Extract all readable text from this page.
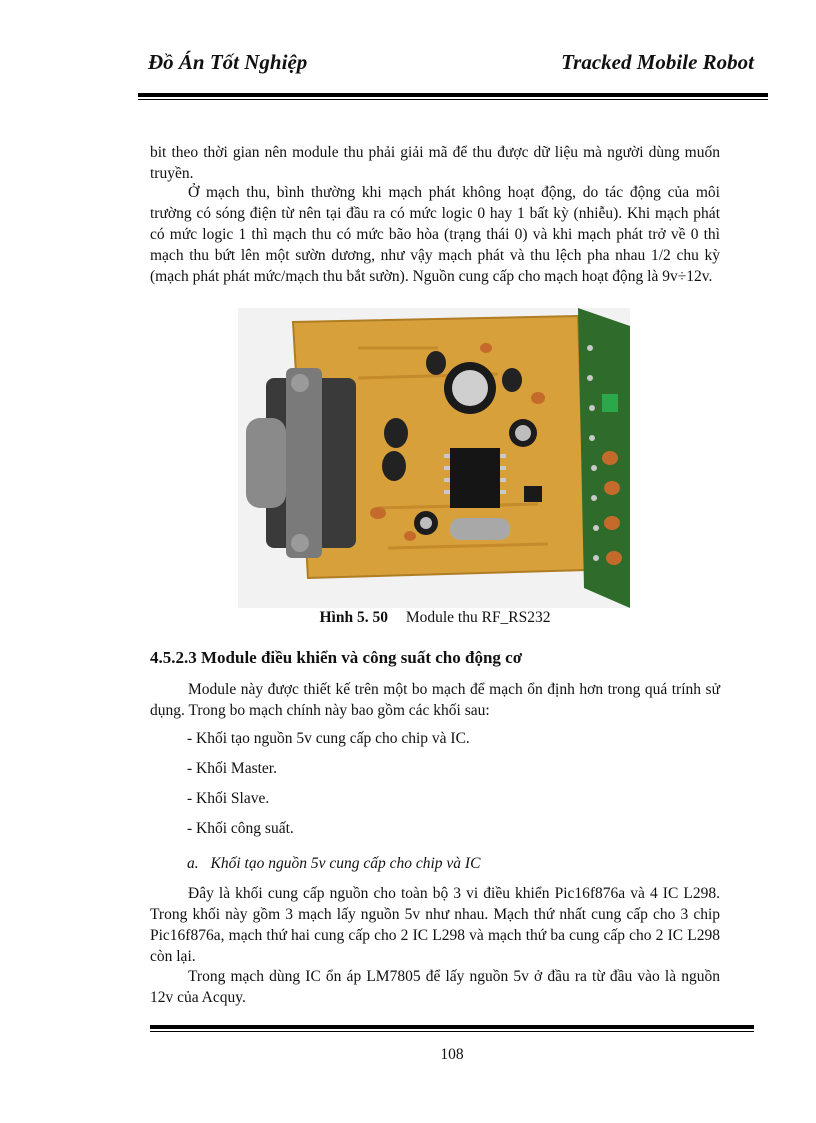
Đồ Án Tốt Nghiệp	Tracked Mobile Robot
bit theo thời gian nên module thu phải giải mã để thu được dữ liệu mà người dùng muốn truyền.
Ở mạch thu, bình thường khi mạch phát không hoạt động, do tác động của môi trường có sóng điện từ nên tại đầu ra có mức logic 0 hay 1 bất kỳ (nhiễu). Khi mạch phát có mức logic 1 thì mạch thu có mức bão hòa (trạng thái 0) và khi mạch phát trở về 0 thì mạch thu bứt lên một sườn dương, như vậy mạch phát và thu lệch pha nhau 1/2 chu kỳ (mạch phát phát mức/mạch thu bắt sườn). Nguồn cung cấp cho mạch hoạt động là 9v÷12v.
Hình 5. 50 Module thu RF_RS232
4.5.2.3 Module điều khiển và công suất cho động cơ
Module này được thiết kế trên một bo mạch để mạch ổn định hơn trong quá trính sử dụng. Trong bo mạch chính này bao gồm các khối sau:
- Khối tạo nguồn 5v cung cấp cho chip và IC.
- Khối Master.
- Khối Slave.
- Khối công suất.
a. Khối tạo nguồn 5v cung cấp cho chip và IC
Đây là khối cung cấp nguồn cho toàn bộ 3 vi điều khiển Pic16f876a và 4 IC L298. Trong khối này gồm 3 mạch lấy nguồn 5v như nhau. Mạch thứ nhất cung cấp cho 3 chip Pic16f876a, mạch thứ hai cung cấp cho 2 IC L298 và mạch thứ ba cung cấp cho 2 IC L298 còn lại.
Trong mạch dùng IC ổn áp LM7805 để lấy nguồn 5v ở đầu ra từ đầu vào là nguồn 12v của Acquy.
108
